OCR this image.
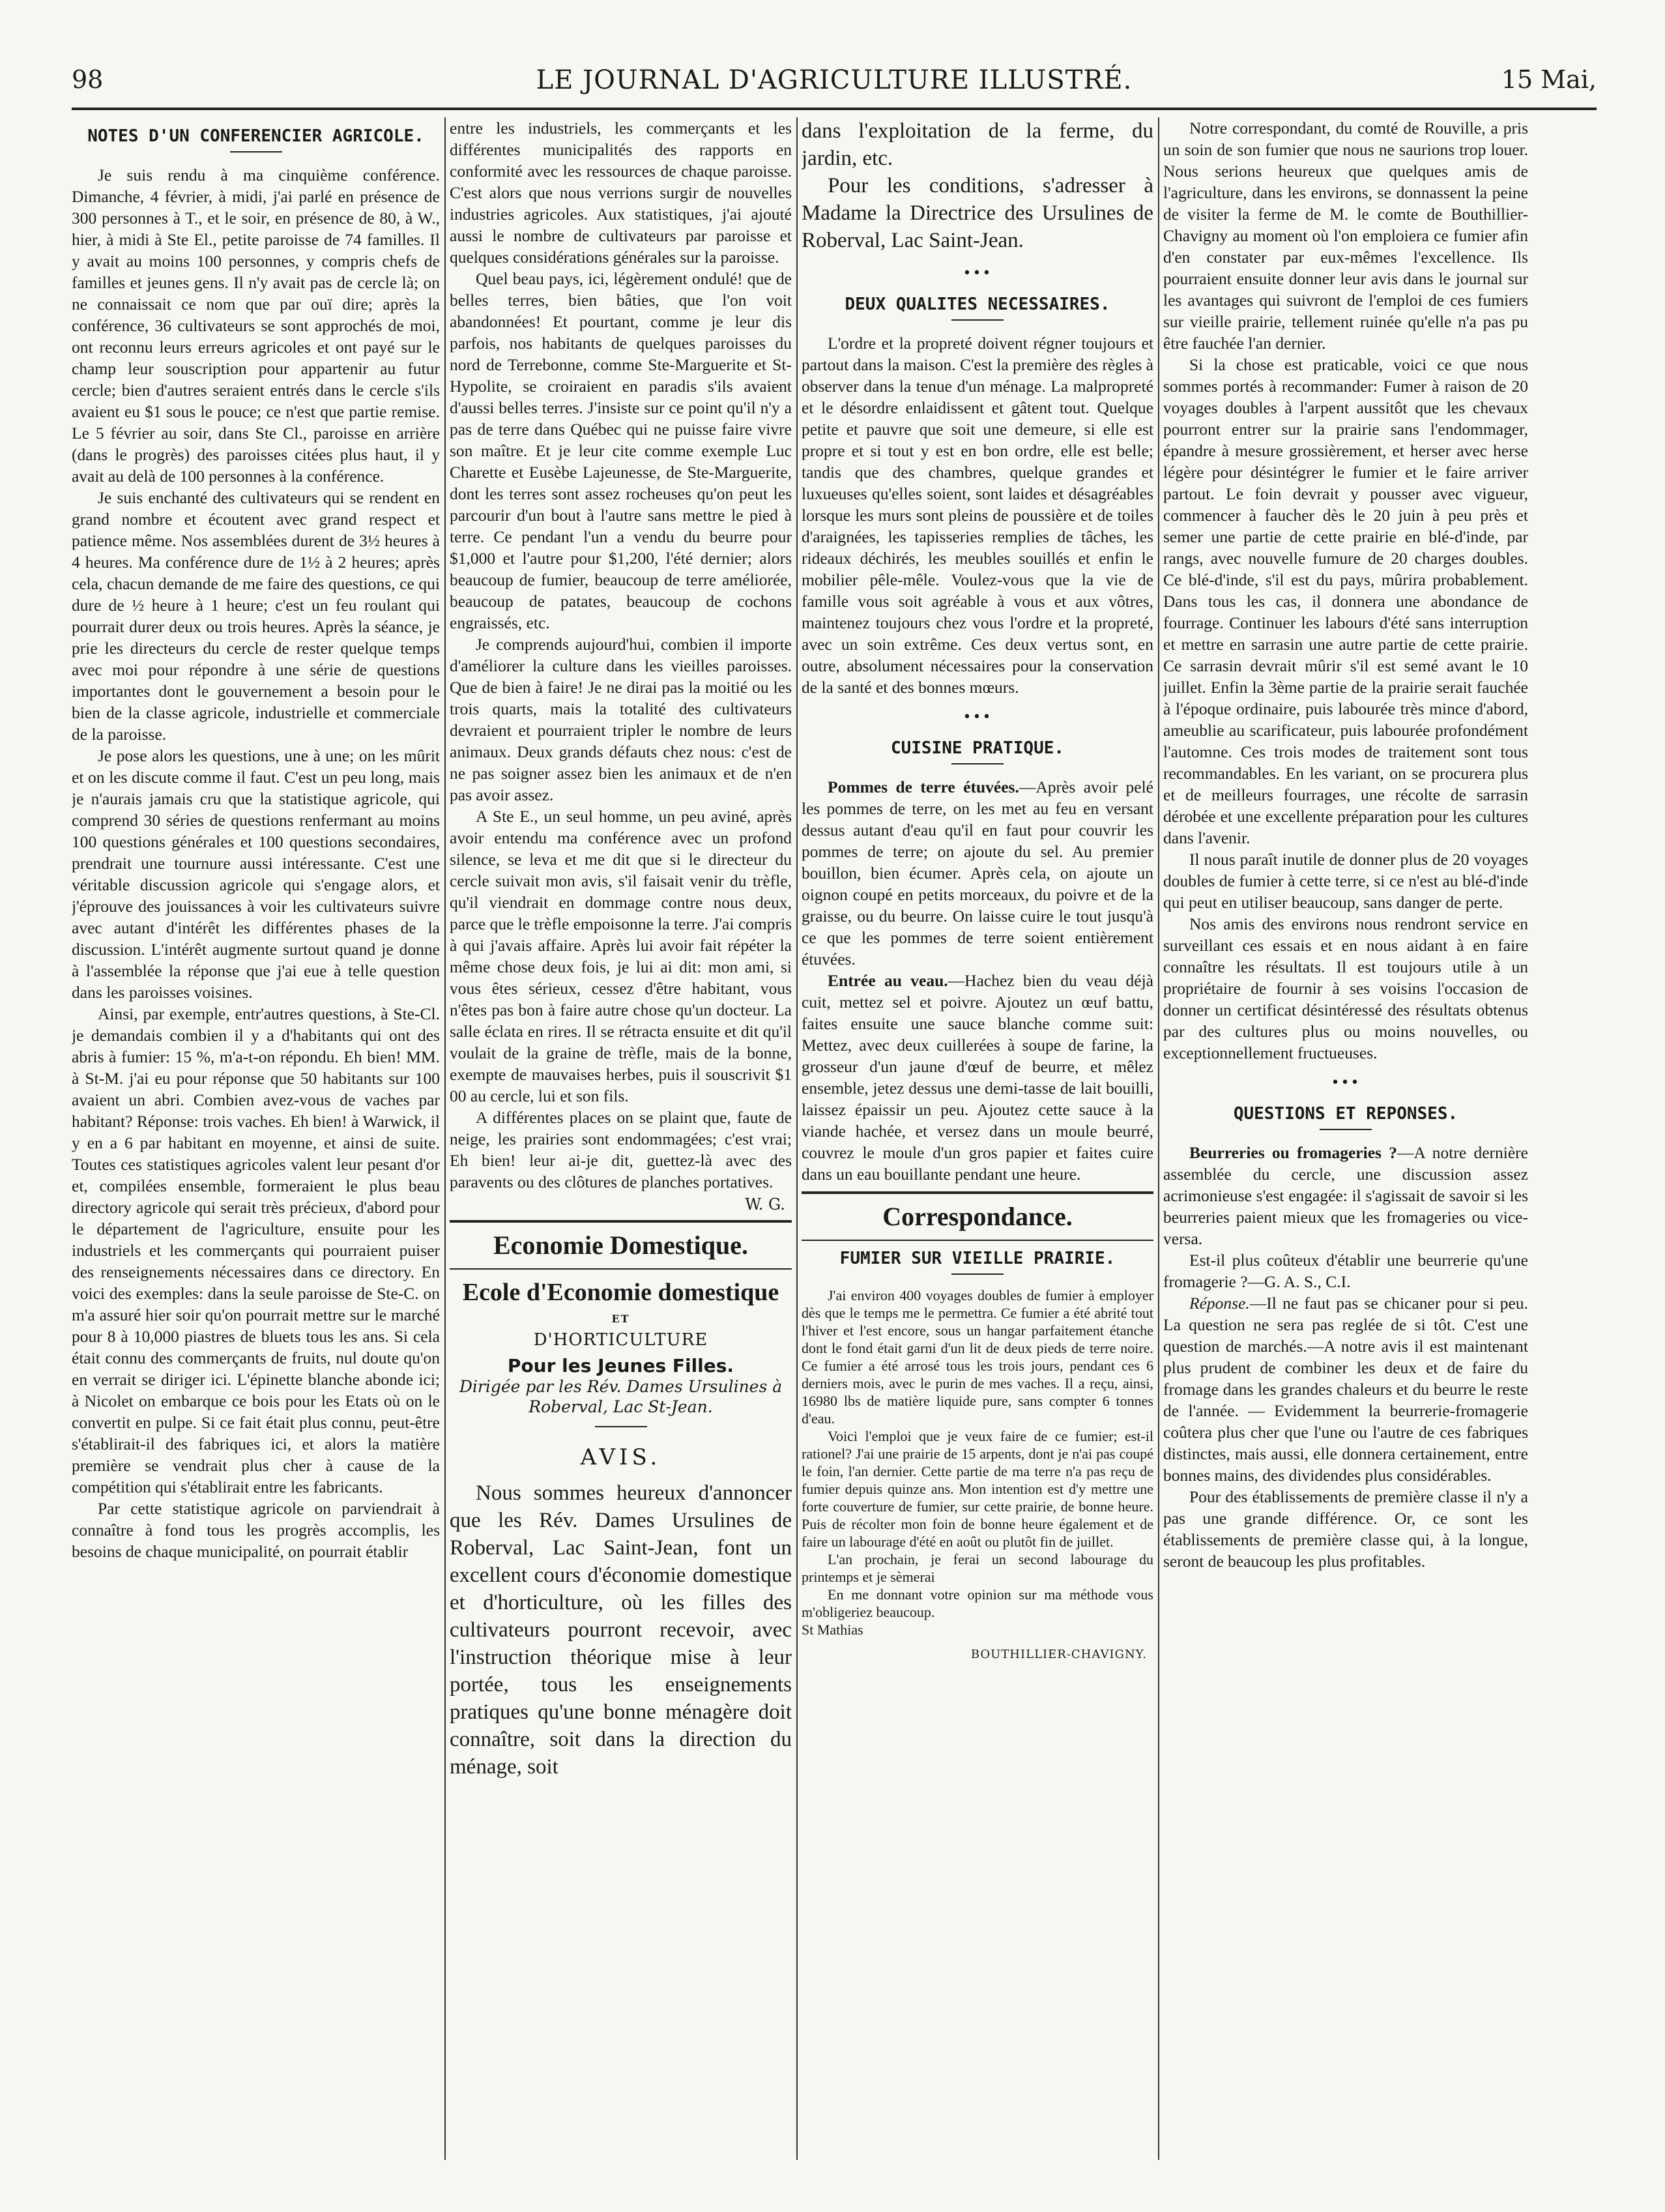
98	LE JOURNAL D'AGRICULTURE ILLUSTRÉ.	15 Mai,
NOTES D'UN CONFERENCIER AGRICOLE.

Je suis rendu à ma cinquième conférence. Dimanche, 4 février, à midi, j'ai parlé en présence de 300 personnes à T., et le soir, en présence de 80, à W., hier, à midi à Ste El., petite paroisse de 74 familles. Il y avait au moins 100 personnes, y compris chefs de familles et jeunes gens. Il n'y avait pas de cercle là; on ne connaissait ce nom que par ouï dire; après la conférence, 36 cultivateurs se sont approchés de moi, ont reconnu leurs erreurs agricoles et ont payé sur le champ leur souscription pour appartenir au futur cercle; bien d'autres seraient entrés dans le cercle s'ils avaient eu $1 sous le pouce; ce n'est que partie remise. Le 5 février au soir, dans Ste Cl., paroisse en arrière (dans le progrès) des paroisses citées plus haut, il y avait au delà de 100 personnes à la conférence.

Je suis enchanté des cultivateurs qui se rendent en grand nombre et écoutent avec grand respect et patience même. Nos assemblées durent de 3½ heures à 4 heures. Ma conférence dure de 1½ à 2 heures; après cela, chacun demande de me faire des questions, ce qui dure de ½ heure à 1 heure; c'est un feu roulant qui pourrait durer deux ou trois heures. Après la séance, je prie les directeurs du cercle de rester quelque temps avec moi pour répondre à une série de questions importantes dont le gouvernement a besoin pour le bien de la classe agricole, industrielle et commerciale de la paroisse.

Je pose alors les questions, une à une; on les mûrit et on les discute comme il faut. C'est un peu long, mais je n'aurais jamais cru que la statistique agricole, qui comprend 30 séries de questions renfermant au moins 100 questions générales et 100 questions secondaires, prendrait une tournure aussi intéressante. C'est une véritable discussion agricole qui s'engage alors, et j'éprouve des jouissances à voir les cultivateurs suivre avec autant d'intérêt les différentes phases de la discussion. L'intérêt augmente surtout quand je donne à l'assemblée la réponse que j'ai eue à telle question dans les paroisses voisines.

Ainsi, par exemple, entr'autres questions, à Ste-Cl. je demandais combien il y a d'habitants qui ont des abris à fumier: 15 %, m'a-t-on répondu. Eh bien! MM. à St-M. j'ai eu pour réponse que 50 habitants sur 100 avaient un abri. Combien avez-vous de vaches par habitant? Réponse: trois vaches. Eh bien! à Warwick, il y en a 6 par habitant en moyenne, et ainsi de suite. Toutes ces statistiques agricoles valent leur pesant d'or et, compilées ensemble, formeraient le plus beau directory agricole qui serait très précieux, d'abord pour le département de l'agriculture, ensuite pour les industriels et les commerçants qui pourraient puiser des renseignements nécessaires dans ce directory. En voici des exemples: dans la seule paroisse de Ste-C. on m'a assuré hier soir qu'on pourrait mettre sur le marché pour 8 à 10,000 piastres de bluets tous les ans. Si cela était connu des commerçants de fruits, nul doute qu'on en verrait se diriger ici. L'épinette blanche abonde ici; à Nicolet on embarque ce bois pour les Etats où on le convertit en pulpe. Si ce fait était plus connu, peut-être s'établirait-il des fabriques ici, et alors la matière première se vendrait plus cher à cause de la compétition qui s'établirait entre les fabricants.

Par cette statistique agricole on parviendrait à connaître à fond tous les progrès accomplis, les besoins de chaque municipalité, on pourrait établir

entre les industriels, les commerçants et les différentes municipalités des rapports en conformité avec les ressources de chaque paroisse. C'est alors que nous verrions surgir de nouvelles industries agricoles. Aux statistiques, j'ai ajouté aussi le nombre de cultivateurs par paroisse et quelques considérations générales sur la paroisse.

Quel beau pays, ici, légèrement ondulé! que de belles terres, bien bâties, que l'on voit abandonnées! Et pourtant, comme je leur dis parfois, nos habitants de quelques paroisses du nord de Terrebonne, comme Ste-Marguerite et St-Hypolite, se croiraient en paradis s'ils avaient d'aussi belles terres. J'insiste sur ce point qu'il n'y a pas de terre dans Québec qui ne puisse faire vivre son maître. Et je leur cite comme exemple Luc Charette et Eusèbe Lajeunesse, de Ste-Marguerite, dont les terres sont assez rocheuses qu'on peut les parcourir d'un bout à l'autre sans mettre le pied à terre. Ce pendant l'un a vendu du beurre pour $1,000 et l'autre pour $1,200, l'été dernier; alors beaucoup de fumier, beaucoup de terre améliorée, beaucoup de patates, beaucoup de cochons engraissés, etc.

Je comprends aujourd'hui, combien il importe d'améliorer la culture dans les vieilles paroisses. Que de bien à faire! Je ne dirai pas la moitié ou les trois quarts, mais la totalité des cultivateurs devraient et pourraient tripler le nombre de leurs animaux. Deux grands défauts chez nous: c'est de ne pas soigner assez bien les animaux et de n'en pas avoir assez.

A Ste E., un seul homme, un peu aviné, après avoir entendu ma conférence avec un profond silence, se leva et me dit que si le directeur du cercle suivait mon avis, s'il faisait venir du trèfle, qu'il viendrait en dommage contre nous deux, parce que le trèfle empoisonne la terre. J'ai compris à qui j'avais affaire. Après lui avoir fait répéter la même chose deux fois, je lui ai dit: mon ami, si vous êtes sérieux, cessez d'être habitant, vous n'êtes pas bon à faire autre chose qu'un docteur. La salle éclata en rires. Il se rétracta ensuite et dit qu'il voulait de la graine de trèfle, mais de la bonne, exempte de mauvaises herbes, puis il souscrivit $1 00 au cercle, lui et son fils.

A différentes places on se plaint que, faute de neige, les prairies sont endommagées; c'est vrai; Eh bien! leur ai-je dit, guettez-là avec des paravents ou des clôtures de planches portatives.

W. G.
Economie Domestique.
Ecole d'Economie domestique
ET
D'HORTICULTURE
Pour les Jeunes Filles.
Dirigée par les Rév. Dames Ursulines à Roberval, Lac St-Jean.
AVIS.

Nous sommes heureux d'annoncer que les Rév. Dames Ursulines de Roberval, Lac Saint-Jean, font un excellent cours d'économie domestique et d'horticulture, où les filles des cultivateurs pourront recevoir, avec l'instruction théorique mise à leur portée, tous les enseignements pratiques qu'une bonne ménagère doit connaître, soit dans la direction du ménage, soit

dans l'exploitation de la ferme, du jardin, etc.

Pour les conditions, s'adresser à Madame la Directrice des Ursulines de Roberval, Lac Saint-Jean.

•••
DEUX QUALITES NECESSAIRES.

L'ordre et la propreté doivent régner toujours et partout dans la maison. C'est la première des règles à observer dans la tenue d'un ménage. La malpropreté et le désordre enlaidissent et gâtent tout. Quelque petite et pauvre que soit une demeure, si elle est propre et si tout y est en bon ordre, elle est belle; tandis que des chambres, quelque grandes et luxueuses qu'elles soient, sont laides et désagréables lorsque les murs sont pleins de poussière et de toiles d'araignées, les tapisseries remplies de tâches, les rideaux déchirés, les meubles souillés et enfin le mobilier pêle-mêle. Voulez-vous que la vie de famille vous soit agréable à vous et aux vôtres, maintenez toujours chez vous l'ordre et la propreté, avec un soin extrême. Ces deux vertus sont, en outre, absolument nécessaires pour la conservation de la santé et des bonnes mœurs.

•••
CUISINE PRATIQUE.

Pommes de terre étuvées.—Après avoir pelé les pommes de terre, on les met au feu en versant dessus autant d'eau qu'il en faut pour couvrir les pommes de terre; on ajoute du sel. Au premier bouillon, bien écumer. Après cela, on ajoute un oignon coupé en petits morceaux, du poivre et de la graisse, ou du beurre. On laisse cuire le tout jusqu'à ce que les pommes de terre soient entièrement étuvées.

Entrée au veau.—Hachez bien du veau déjà cuit, mettez sel et poivre. Ajoutez un œuf battu, faites ensuite une sauce blanche comme suit: Mettez, avec deux cuillerées à soupe de farine, la grosseur d'un jaune d'œuf de beurre, et mêlez ensemble, jetez dessus une demi-tasse de lait bouilli, laissez épaissir un peu. Ajoutez cette sauce à la viande hachée, et versez dans un moule beurré, couvrez le moule d'un gros papier et faites cuire dans un eau bouillante pendant une heure.

Correspondance.
FUMIER SUR VIEILLE PRAIRIE.

J'ai environ 400 voyages doubles de fumier à employer dès que le temps me le permettra. Ce fumier a été abrité tout l'hiver et l'est encore, sous un hangar parfaitement étanche dont le fond était garni d'un lit de deux pieds de terre noire. Ce fumier a été arrosé tous les trois jours, pendant ces 6 derniers mois, avec le purin de mes vaches. Il a reçu, ainsi, 16980 lbs de matière liquide pure, sans compter 6 tonnes d'eau.

Voici l'emploi que je veux faire de ce fumier; est-il rationel? J'ai une prairie de 15 arpents, dont je n'ai pas coupé le foin, l'an dernier. Cette partie de ma terre n'a pas reçu de fumier depuis quinze ans. Mon intention est d'y mettre une forte couverture de fumier, sur cette prairie, de bonne heure. Puis de récolter mon foin de bonne heure également et de faire un labourage d'été en août ou plutôt fin de juillet.

L'an prochain, je ferai un second labourage du printemps et je sèmerai

En me donnant votre opinion sur ma méthode vous m'obligeriez beaucoup.

St Mathias

BOUTHILLIER-CHAVIGNY.

Notre correspondant, du comté de Rouville, a pris un soin de son fumier que nous ne saurions trop louer. Nous serions heureux que quelques amis de l'agriculture, dans les environs, se donnassent la peine de visiter la ferme de M. le comte de Bouthillier-Chavigny au moment où l'on emploiera ce fumier afin d'en constater par eux-mêmes l'excellence. Ils pourraient ensuite donner leur avis dans le journal sur les avantages qui suivront de l'emploi de ces fumiers sur vieille prairie, tellement ruinée qu'elle n'a pas pu être fauchée l'an dernier.

Si la chose est praticable, voici ce que nous sommes portés à recommander: Fumer à raison de 20 voyages doubles à l'arpent aussitôt que les chevaux pourront entrer sur la prairie sans l'endommager, épandre à mesure grossièrement, et herser avec herse légère pour désintégrer le fumier et le faire arriver partout. Le foin devrait y pousser avec vigueur, commencer à faucher dès le 20 juin à peu près et semer une partie de cette prairie en blé-d'inde, par rangs, avec nouvelle fumure de 20 charges doubles. Ce blé-d'inde, s'il est du pays, mûrira probablement. Dans tous les cas, il donnera une abondance de fourrage. Continuer les labours d'été sans interruption et mettre en sarrasin une autre partie de cette prairie. Ce sarrasin devrait mûrir s'il est semé avant le 10 juillet. Enfin la 3ème partie de la prairie serait fauchée à l'époque ordinaire, puis labourée très mince d'abord, ameublie au scarificateur, puis labourée profondément l'automne. Ces trois modes de traitement sont tous recommandables. En les variant, on se procurera plus et de meilleurs fourrages, une récolte de sarrasin dérobée et une excellente préparation pour les cultures dans l'avenir.

Il nous paraît inutile de donner plus de 20 voyages doubles de fumier à cette terre, si ce n'est au blé-d'inde qui peut en utiliser beaucoup, sans danger de perte.

Nos amis des environs nous rendront service en surveillant ces essais et en nous aidant à en faire connaître les résultats. Il est toujours utile à un propriétaire de fournir à ses voisins l'occasion de donner un certificat désintéressé des résultats obtenus par des cultures plus ou moins nouvelles, ou exceptionnellement fructueuses.

•••
QUESTIONS ET REPONSES.

Beurreries ou fromageries ?—A notre dernière assemblée du cercle, une discussion assez acrimonieuse s'est engagée: il s'agissait de savoir si les beurreries paient mieux que les fromageries ou vice-versa.

Est-il plus coûteux d'établir une beurrerie qu'une fromagerie ?—G. A. S., C.I.

Réponse.—Il ne faut pas se chicaner pour si peu. La question ne sera pas reglée de si tôt. C'est une question de marchés.—A notre avis il est maintenant plus prudent de combiner les deux et de faire du fromage dans les grandes chaleurs et du beurre le reste de l'année. — Evidemment la beurrerie-fromagerie coûtera plus cher que l'une ou l'autre de ces fabriques distinctes, mais aussi, elle donnera certainement, entre bonnes mains, des dividendes plus considérables.

Pour des établissements de première classe il n'y a pas une grande différence. Or, ce sont les établissements de première classe qui, à la longue, seront de beaucoup les plus profitables.
